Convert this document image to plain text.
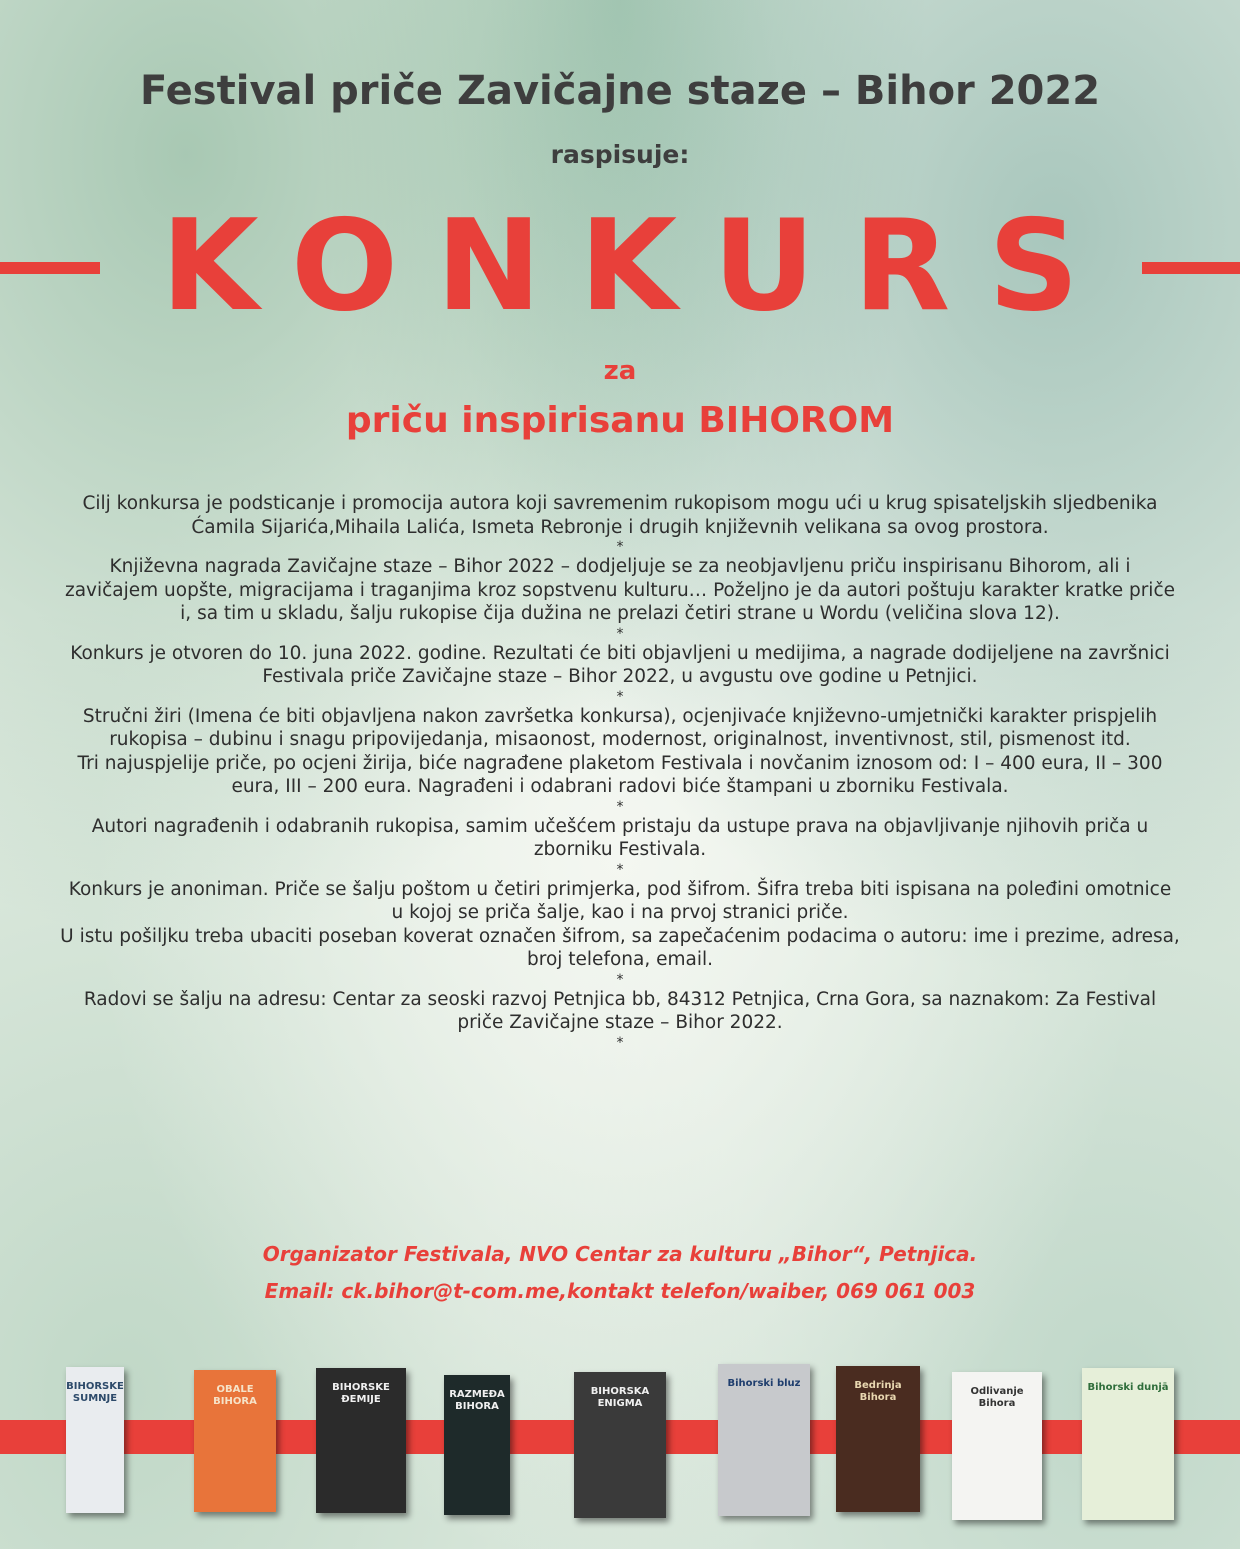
Festival priče Zavičajne staze – Bihor 2022
raspisuje:
KONKURS
za
priču inspirisanu BIHOROM

Cilj konkursa je podsticanje i promocija autora koji savremenim rukopisom mogu ući u krug spisateljskih sljedbenika Ćamila Sijarića,Mihaila Lalića, Ismeta Rebronje i drugih književnih velikana sa ovog prostora.

*

Književna nagrada Zavičajne staze – Bihor 2022 – dodjeljuje se za neobjavljenu priču inspirisanu Bihorom, ali i zavičajem uopšte, migracijama i traganjima kroz sopstvenu kulturu… Poželjno je da autori poštuju karakter kratke priče i, sa tim u skladu, šalju rukopise čija dužina ne prelazi četiri strane u Wordu (veličina slova 12).

*

Konkurs je otvoren do 10. juna 2022. godine. Rezultati će biti objavljeni u medijima, a nagrade dodijeljene na završnici Festivala priče Zavičajne staze – Bihor 2022, u avgustu ove godine u Petnjici.

*

Stručni žiri (Imena će biti objavljena nakon završetka konkursa), ocjenjivaće književno-umjetnički karakter prispjelih rukopisa – dubinu i snagu pripovijedanja, misaonost, modernost, originalnost, inventivnost, stil, pismenost itd.

Tri najuspjelije priče, po ocjeni žirija, biće nagrađene plaketom Festivala i novčanim iznosom od: I – 400 eura, II – 300 eura, III – 200 eura. Nagrađeni i odabrani radovi biće štampani u zborniku Festivala.

*

Autori nagrađenih i odabranih rukopisa, samim učešćem pristaju da ustupe prava na objavljivanje njihovih priča u zborniku Festivala.

*

Konkurs je anoniman. Priče se šalju poštom u četiri primjerka, pod šifrom. Šifra treba biti ispisana na poleđini omotnice u kojoj se priča šalje, kao i na prvoj stranici priče.

U istu pošiljku treba ubaciti poseban koverat označen šifrom, sa zapečaćenim podacima o autoru: ime i prezime, adresa, broj telefona, email.

*

Radovi se šalju na adresu: Centar za seoski razvoj Petnjica bb, 84312 Petnjica, Crna Gora, sa naznakom: Za Festival priče Zavičajne staze – Bihor 2022.

*

Organizator Festivala, NVO Centar za kulturu „Bihor“, Petnjica.
Email: ck.bihor@t-com.me,kontakt telefon/waiber, 069 061 003
BIHORSKE SUMNJE
OBALE BIHORA
BIHORSKE ĐEMIJE	RAZMEĐA BIHORA
BIHORSKA ENIGMA
Bihorski bluz	Bedrinja Bihora
Odlivanje Bihora
Bihorski dunjā
